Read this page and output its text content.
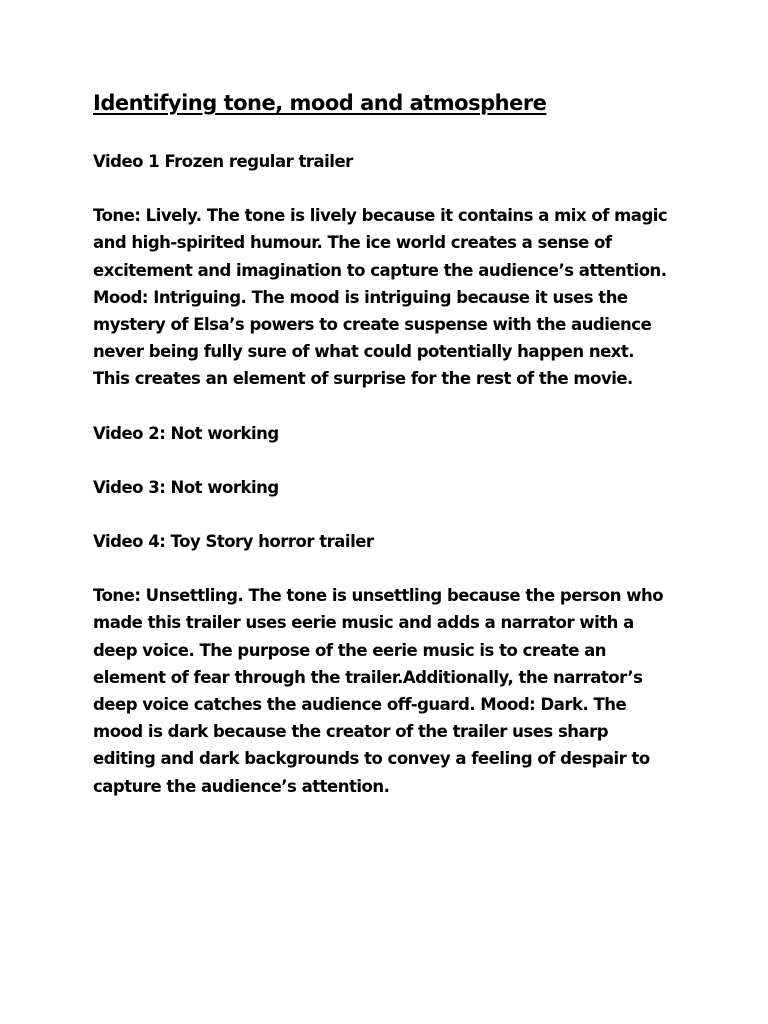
Identifying tone, mood and atmosphere

Video 1 Frozen regular trailer

Tone: Lively. The tone is lively because it contains a mix of magic and high-spirited humour. The ice world creates a sense of excitement and imagination to capture the audience’s attention. Mood: Intriguing. The mood is intriguing because it uses the mystery of Elsa’s powers to create suspense with the audience never being fully sure of what could potentially happen next. This creates an element of surprise for the rest of the movie.

Video 2: Not working

Video 3: Not working

Video 4: Toy Story horror trailer

Tone: Unsettling. The tone is unsettling because the person who made this trailer uses eerie music and adds a narrator with a deep voice. The purpose of the eerie music is to create an element of fear through the trailer.Additionally, the narrator’s deep voice catches the audience off-guard. Mood: Dark. The mood is dark because the creator of the trailer uses sharp editing and dark backgrounds to convey a feeling of despair to capture the audience’s attention.
